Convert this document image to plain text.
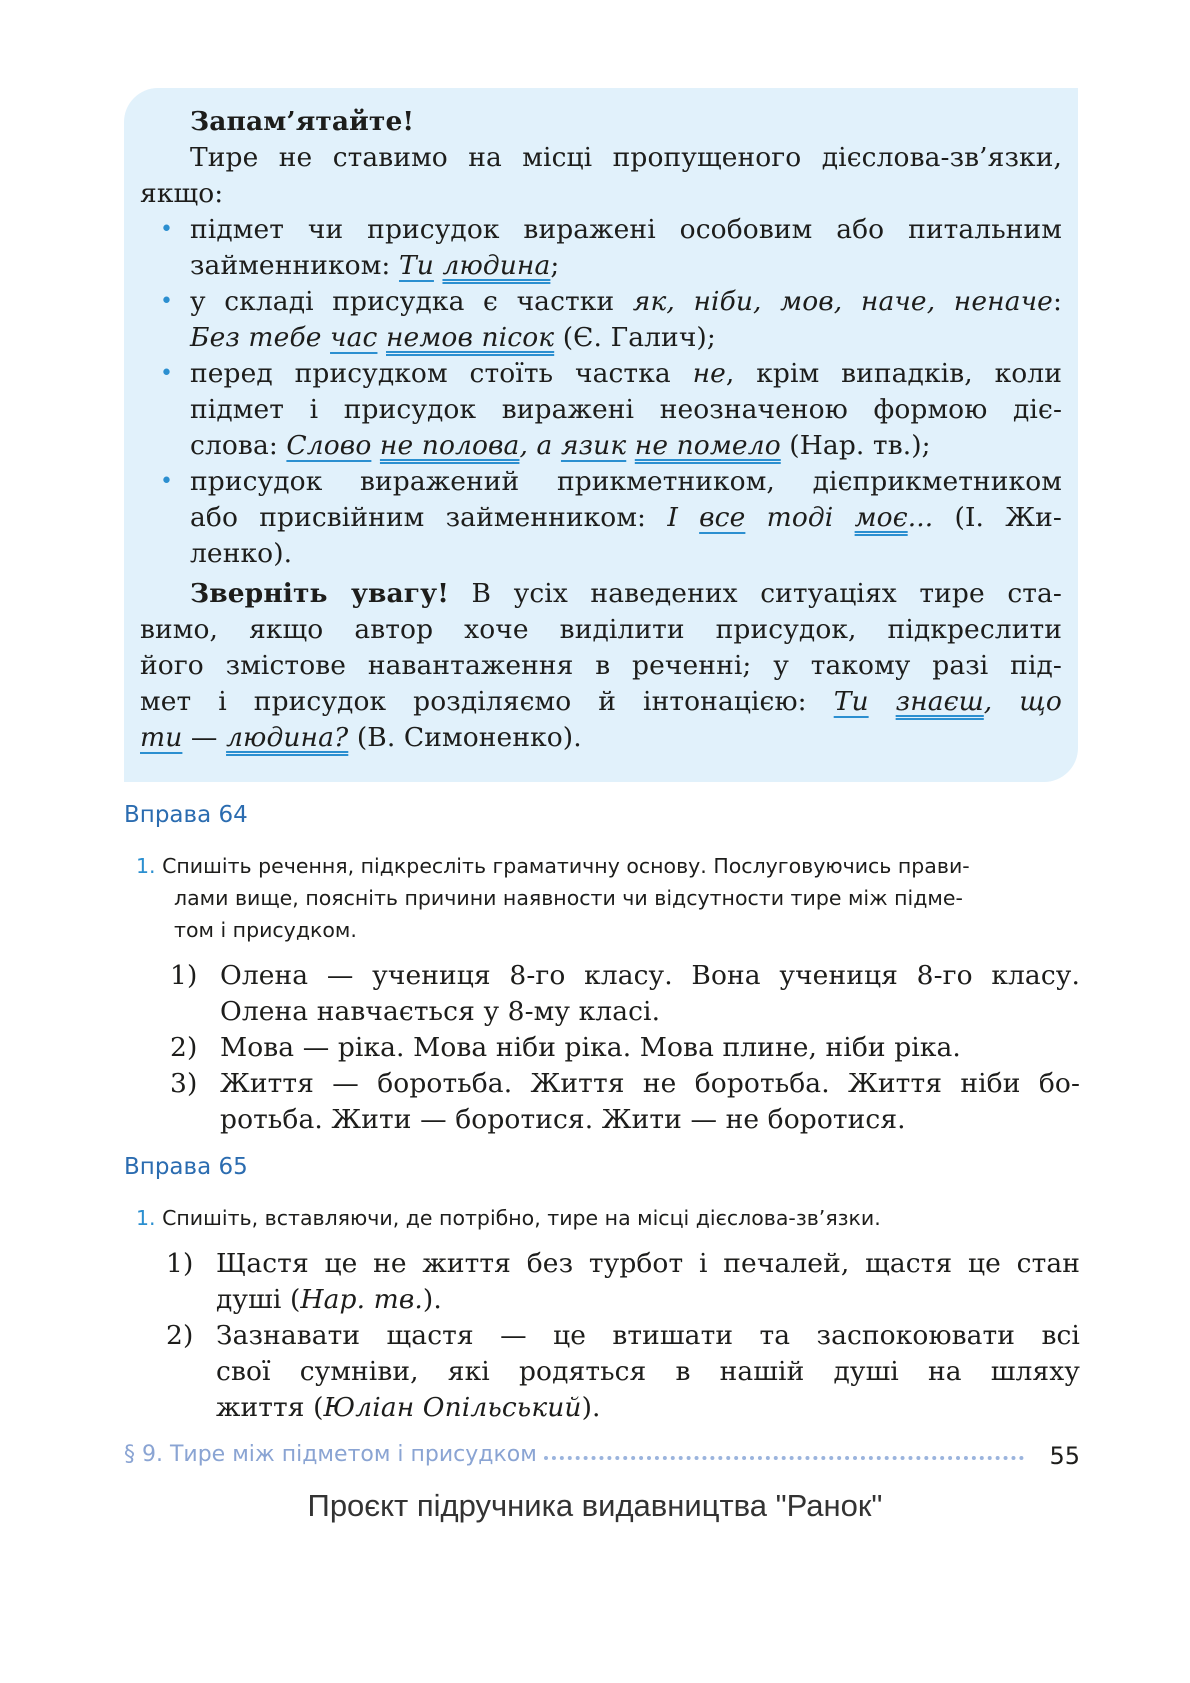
Запам’ятайте!
Тире не ставимо на місці пропущеного дієслова-зв’язки,
якщо:
• підмет чи присудок виражені особовим або питальним
займенником: Ти людина;
• у складі присудка є частки як, ніби, мов, наче, неначе:
Без тебе час немов пісок (Є. Галич);
• перед присудком стоїть частка не, крім випадків, коли
підмет і присудок виражені неозначеною формою діє-
слова: Слово не полова, а язик не помело (Нар. тв.);
• присудок виражений прикметником, дієприкметником
або присвійним займенником: І все тоді моє... (І. Жи-
ленко).
Зверніть увагу! В усіх наведених ситуаціях тире ста-
вимо, якщо автор хоче виділити присудок, підкреслити
його змістове навантаження в реченні; у такому разі під-
мет і присудок розділяємо й інтонацією: Ти знаєш, що
ти — людина? (В. Симоненко).
Вправа 64
1. Спишіть речення, підкресліть граматичну основу. Послуговуючись прави-
лами вище, поясніть причини наявности чи відсутности тире між підме-
том і присудком.
1) Олена — учениця 8-го класу. Вона учениця 8-го класу.
Олена навчається у 8-му класі.
2) Мова — ріка. Мова ніби ріка. Мова плине, ніби ріка.
3) Життя — боротьба. Життя не боротьба. Життя ніби бо-
ротьба. Жити — боротися. Жити — не боротися.
Вправа 65
1. Спишіть, вставляючи, де потрібно, тире на місці дієслова-зв’язки.
1) Щастя це не життя без турбот і печалей, щастя це стан
душі (Нар. тв.).
2) Зазнавати щастя — це втишати та заспокоювати всі
свої сумніви, які родяться в нашій душі на шляху
життя (Юліан Опільський).
§ 9. Тире між підметом і присудком	55
Проєкт підручника видавництва "Ранок"
